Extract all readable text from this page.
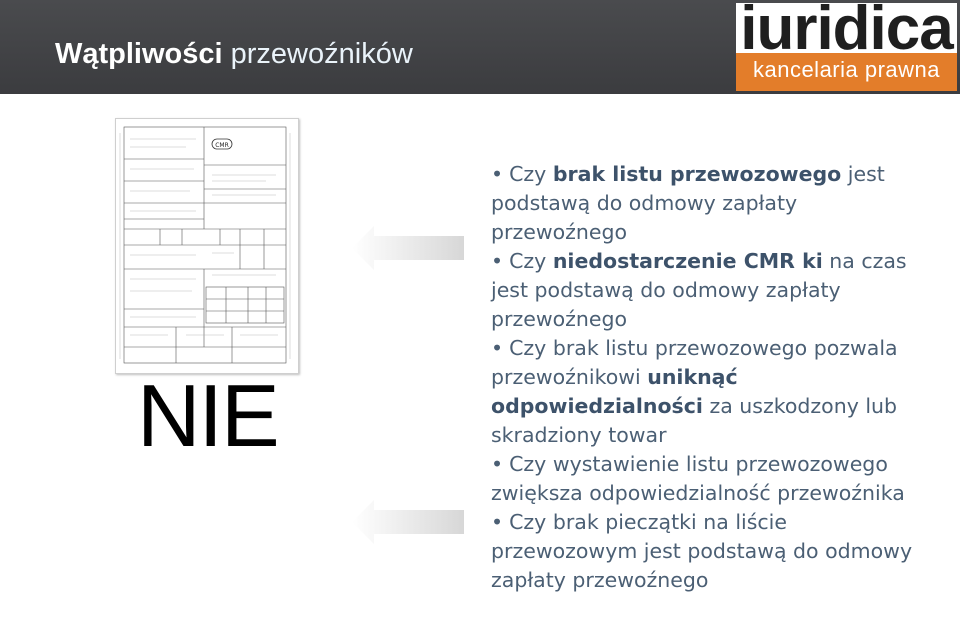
Wątpliwości przewoźników	iuridica
kancelaria prawna
CMR
NIE
• Czy brak listu przewozowego jest podstawą do odmowy zapłaty przewoźnego
• Czy niedostarczenie CMR ki na czas jest podstawą do odmowy zapłaty przewoźnego
• Czy brak listu przewozowego pozwala przewoźnikowi uniknąć odpowiedzialności za uszkodzony lub skradziony towar
• Czy wystawienie listu przewozowego zwiększa odpowiedzialność przewoźnika
• Czy brak pieczątki na liście przewozowym jest podstawą do odmowy zapłaty przewoźnego
